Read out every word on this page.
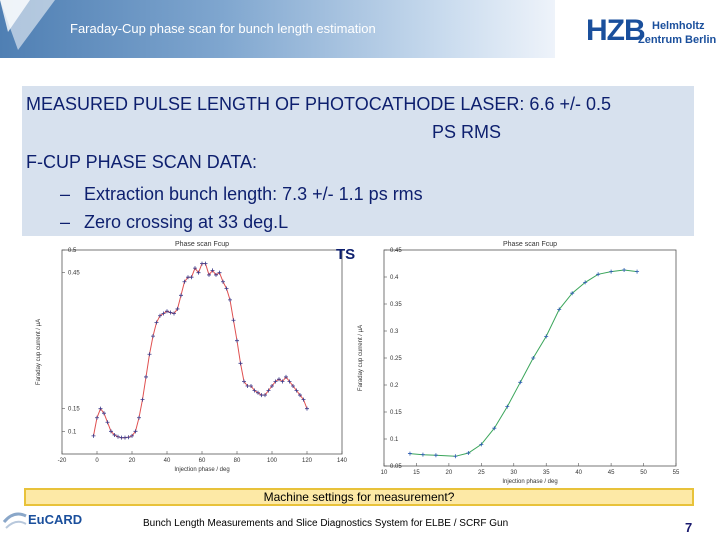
Faraday-Cup phase scan for bunch length estimation	HZB Helmholtz
Zentrum Berlin
MEASURED PULSE LENGTH OF PHOTOCATHODE LASER: 6.6 +/- 0.5
PS RMS
F-CUP PHASE SCAN DATA:
– Extraction bunch length: 7.3 +/- 1.1 ps rms
– Zero crossing at 33 deg.L
Phase scan Fcup
Injection phase / deg
Faraday cup current / µA
-20	0	20	40	60	80	100	120	140
0.1
0.15
0.45
0.5	TS
Phase scan Fcup
Injection phase / deg
Faraday cup current / µA
10	15	20	25	30	35	40	45	50	55
0.05
0.1
0.15
0.2
0.25
0.3
0.35
0.4
0.45
Machine settings for measurement?
EuCARD	Bunch Length Measurements and Slice Diagnostics System for ELBE / SCRF Gun	7
